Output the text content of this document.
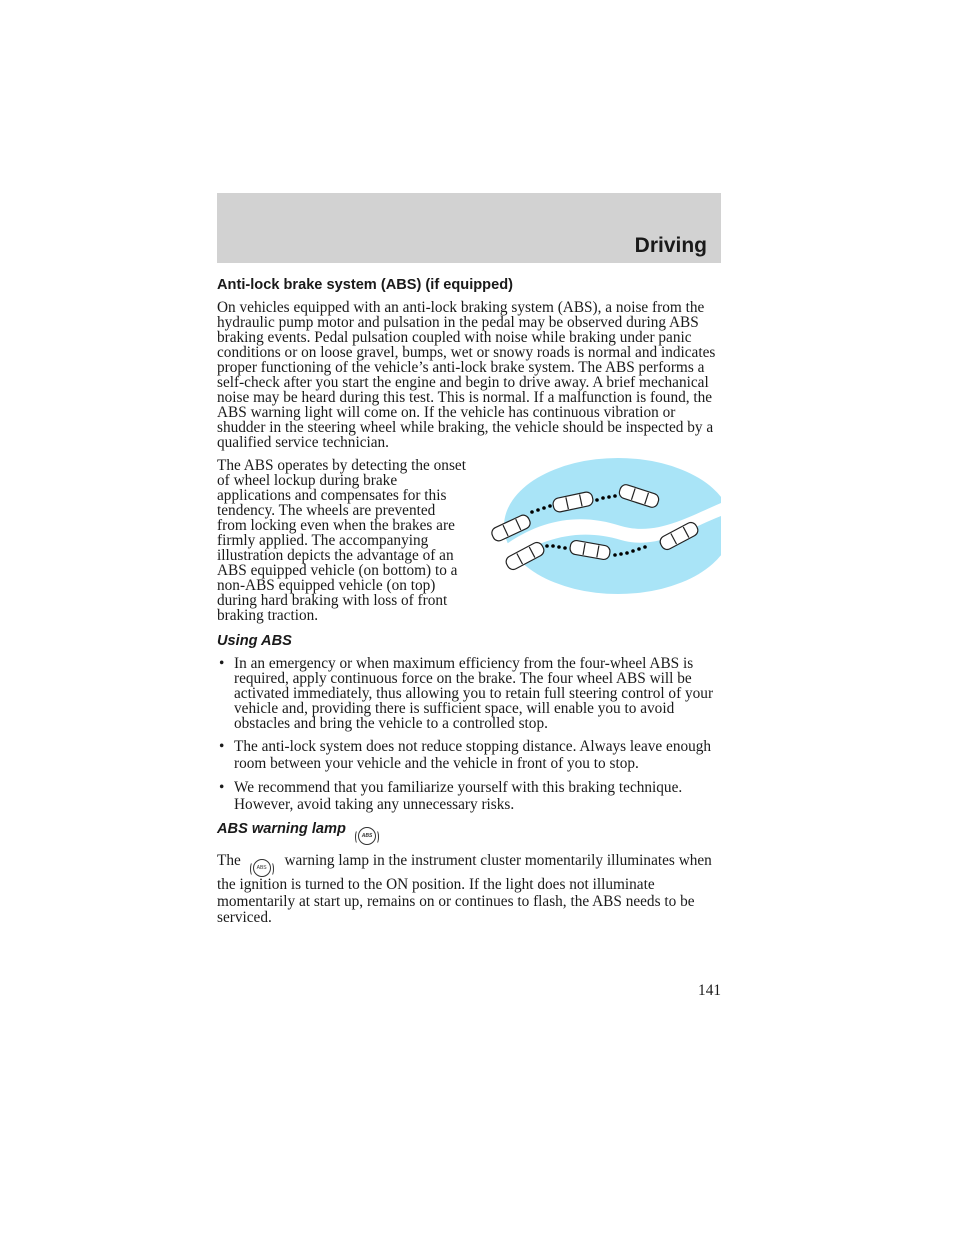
Driving
Anti-lock brake system (ABS) (if equipped)

On vehicles equipped with an anti-lock braking system (ABS), a noise from the hydraulic pump motor and pulsation in the pedal may be observed during ABS braking events. Pedal pulsation coupled with noise while braking under panic conditions or on loose gravel, bumps, wet or snowy roads is normal and indicates proper functioning of the vehicle’s anti-lock brake system. The ABS performs a self-check after you start the engine and begin to drive away. A brief mechanical noise may be heard during this test. This is normal. If a malfunction is found, the ABS warning light will come on. If the vehicle has continuous vibration or shudder in the steering wheel while braking, the vehicle should be inspected by a qualified service technician.

The ABS operates by detecting the onset of wheel lockup during brake applications and compensates for this tendency. The wheels are prevented from locking even when the brakes are firmly applied. The accompanying illustration depicts the advantage of an ABS equipped vehicle (on bottom) to a non-ABS equipped vehicle (on top) during hard braking with loss of front braking traction.

Using ABS
• In an emergency or when maximum efficiency from the four-wheel ABS is required, apply continuous force on the brake. The four wheel ABS will be activated immediately, thus allowing you to retain full steering control of your vehicle and, providing there is sufficient space, will enable you to avoid obstacles and bring the vehicle to a controlled stop.
• The anti-lock system does not reduce stopping distance. Always leave enough room between your vehicle and the vehicle in front of you to stop.
• We recommend that you familiarize yourself with this braking technique. However, avoid taking any unnecessary risks.
ABS warning lamp	ABS

The	ABS warning lamp in the instrument cluster momentarily illuminates when the ignition is turned to the ON position. If the light does not illuminate momentarily at start up, remains on or continues to flash, the ABS needs to be serviced.

141
